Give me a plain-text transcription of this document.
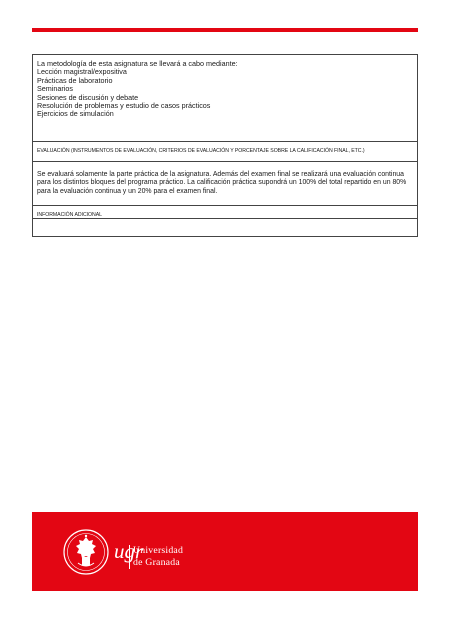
La metodología de esta asignatura se llevará a cabo mediante:
Lección magistral/expositiva
Prácticas de laboratorio
Seminarios
Sesiones de discusión y debate
Resolución de problemas y estudio de casos prácticos
Ejercicios de simulación
EVALUACIÓN (INSTRUMENTOS DE EVALUACIÓN, CRITERIOS DE EVALUACIÓN Y PORCENTAJE SOBRE LA CALIFICACIÓN FINAL, ETC.)

Se evaluará solamente la parte práctica de la asignatura. Además del examen final se realizará una evaluación continua para los distintos bloques del programa práctico. La calificación práctica supondrá un 100% del total repartido en un 80% para la evaluación continua y un 20% para el examen final.

INFORMACIÓN ADICIONAL
ugr
Universidad
de Granada
